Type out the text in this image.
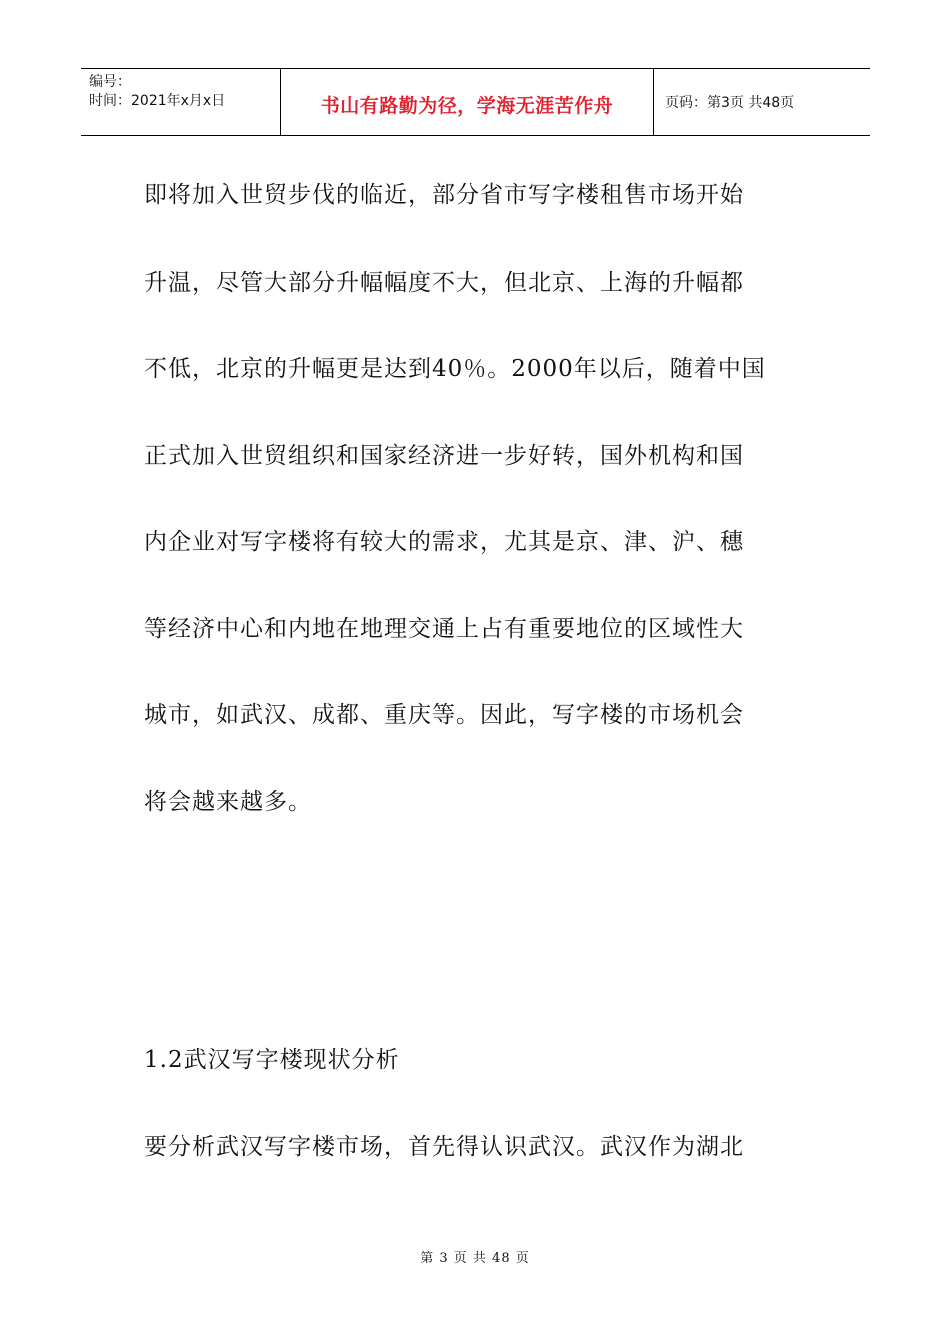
编号：
时间：2021年x月x日	书山有路勤为径，学海无涯苦作舟	页码：第3页 共48页
即将加入世贸步伐的临近，部分省市写字楼租售市场开始
升温，尽管大部分升幅幅度不大，但北京、上海的升幅都
不低，北京的升幅更是达到40％。2000年以后，随着中国
正式加入世贸组织和国家经济进一步好转，国外机构和国
内企业对写字楼将有较大的需求，尤其是京、津、沪、穗
等经济中心和内地在地理交通上占有重要地位的区域性大
城市，如武汉、成都、重庆等。因此，写字楼的市场机会
将会越来越多。
1.2武汉写字楼现状分析
要分析武汉写字楼市场，首先得认识武汉。武汉作为湖北
第 3 页 共 48 页
